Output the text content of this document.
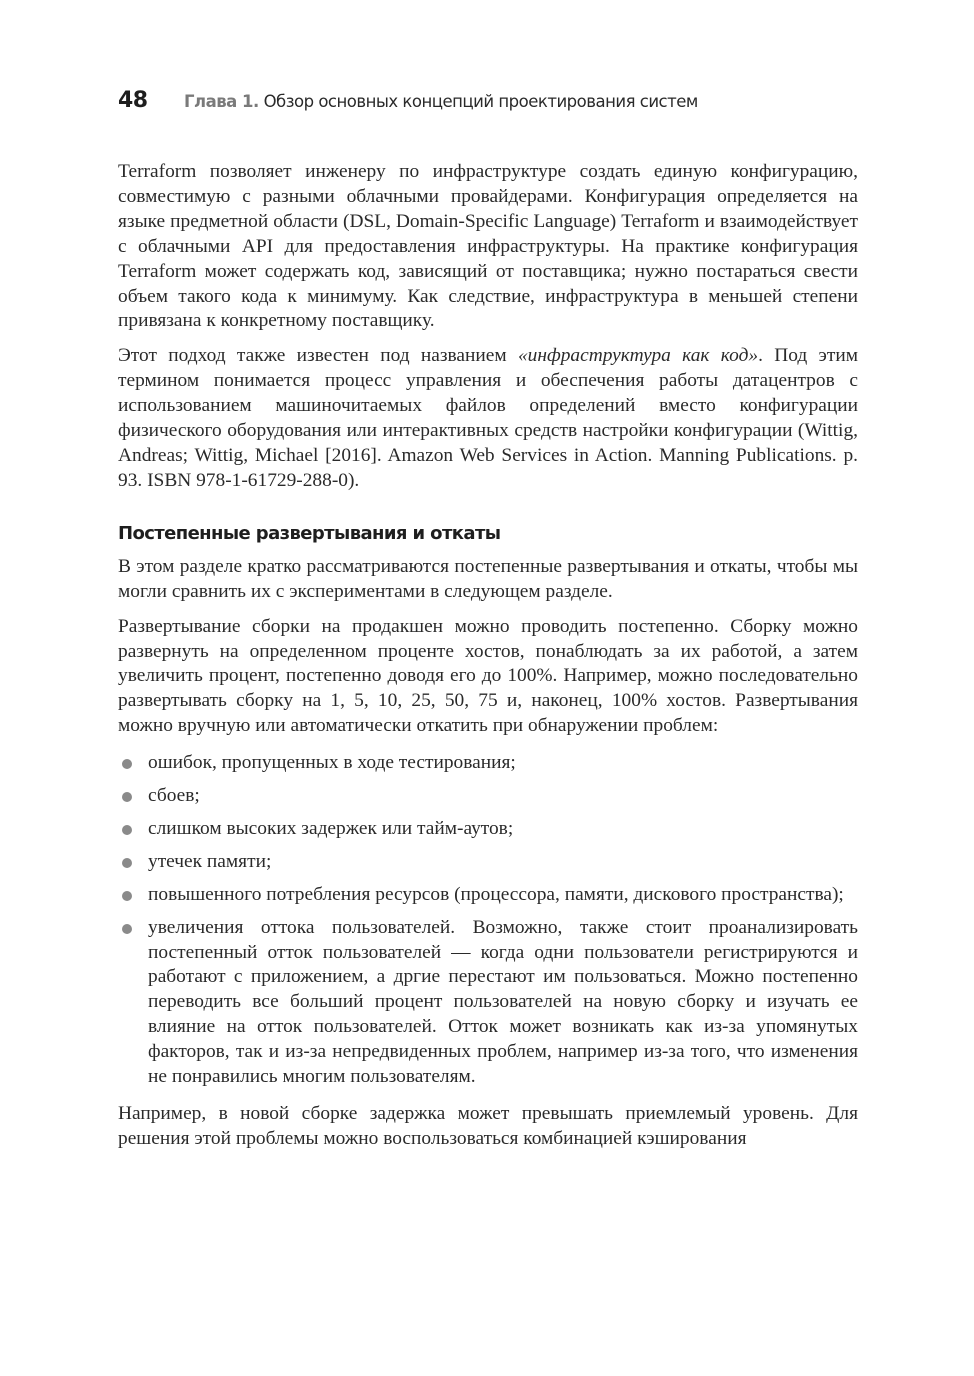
48	Глава 1. Обзор основных концепций проектирования систем

Terraform позволяет инженеру по инфраструктуре создать единую конфигурацию, совместимую с разными облачными провайдерами. Конфигурация определяется на языке предметной области (DSL, Domain-Specific Language) Terraform и взаимодействует с облачными API для предоставления инфраструктуры. На практике конфигурация Terraform может содержать код, зависящий от поставщика; нужно постараться свести объем такого кода к минимуму. Как следствие, инфраструктура в меньшей степени привязана к конкретному поставщику.

Этот подход также известен под названием «инфраструктура как код». Под этим термином понимается процесс управления и обеспечения работы датацентров с использованием машиночитаемых файлов определений вместо конфигурации физического оборудования или интерактивных средств настройки конфигурации (Wittig, Andreas; Wittig, Michael [2016]. Amazon Web Services in Action. Manning Publications. p. 93. ISBN 978-1-61729-288-0).

Постепенные развертывания и откаты

В этом разделе кратко рассматриваются постепенные развертывания и откаты, чтобы мы могли сравнить их с экспериментами в следующем разделе.

Развертывание сборки на продакшен можно проводить постепенно. Сборку можно развернуть на определенном проценте хостов, понаблюдать за их работой, а затем увеличить процент, постепенно доводя его до 100%. Например, можно последовательно развертывать сборку на 1, 5, 10, 25, 50, 75 и, наконец, 100% хостов. Развертывания можно вручную или автоматически откатить при обнаружении проблем:

ошибок, пропущенных в ходе тестирования;
сбоев;
слишком высоких задержек или тайм-аутов;
утечек памяти;
повышенного потребления ресурсов (процессора, памяти, дискового пространства);
увеличения оттока пользователей. Возможно, также стоит проанализировать постепенный отток пользователей — когда одни пользователи регистрируются и работают с приложением, а дргие перестают им пользоваться. Можно постепенно переводить все больший процент пользователей на новую сборку и изучать ее влияние на отток пользователей. Отток может возникать как из-за упомянутых факторов, так и из-за непредвиденных проблем, например из-за того, что изменения не понравились многим пользователям.

Например, в новой сборке задержка может превышать приемлемый уровень. Для решения этой проблемы можно воспользоваться комбинацией кэширования
